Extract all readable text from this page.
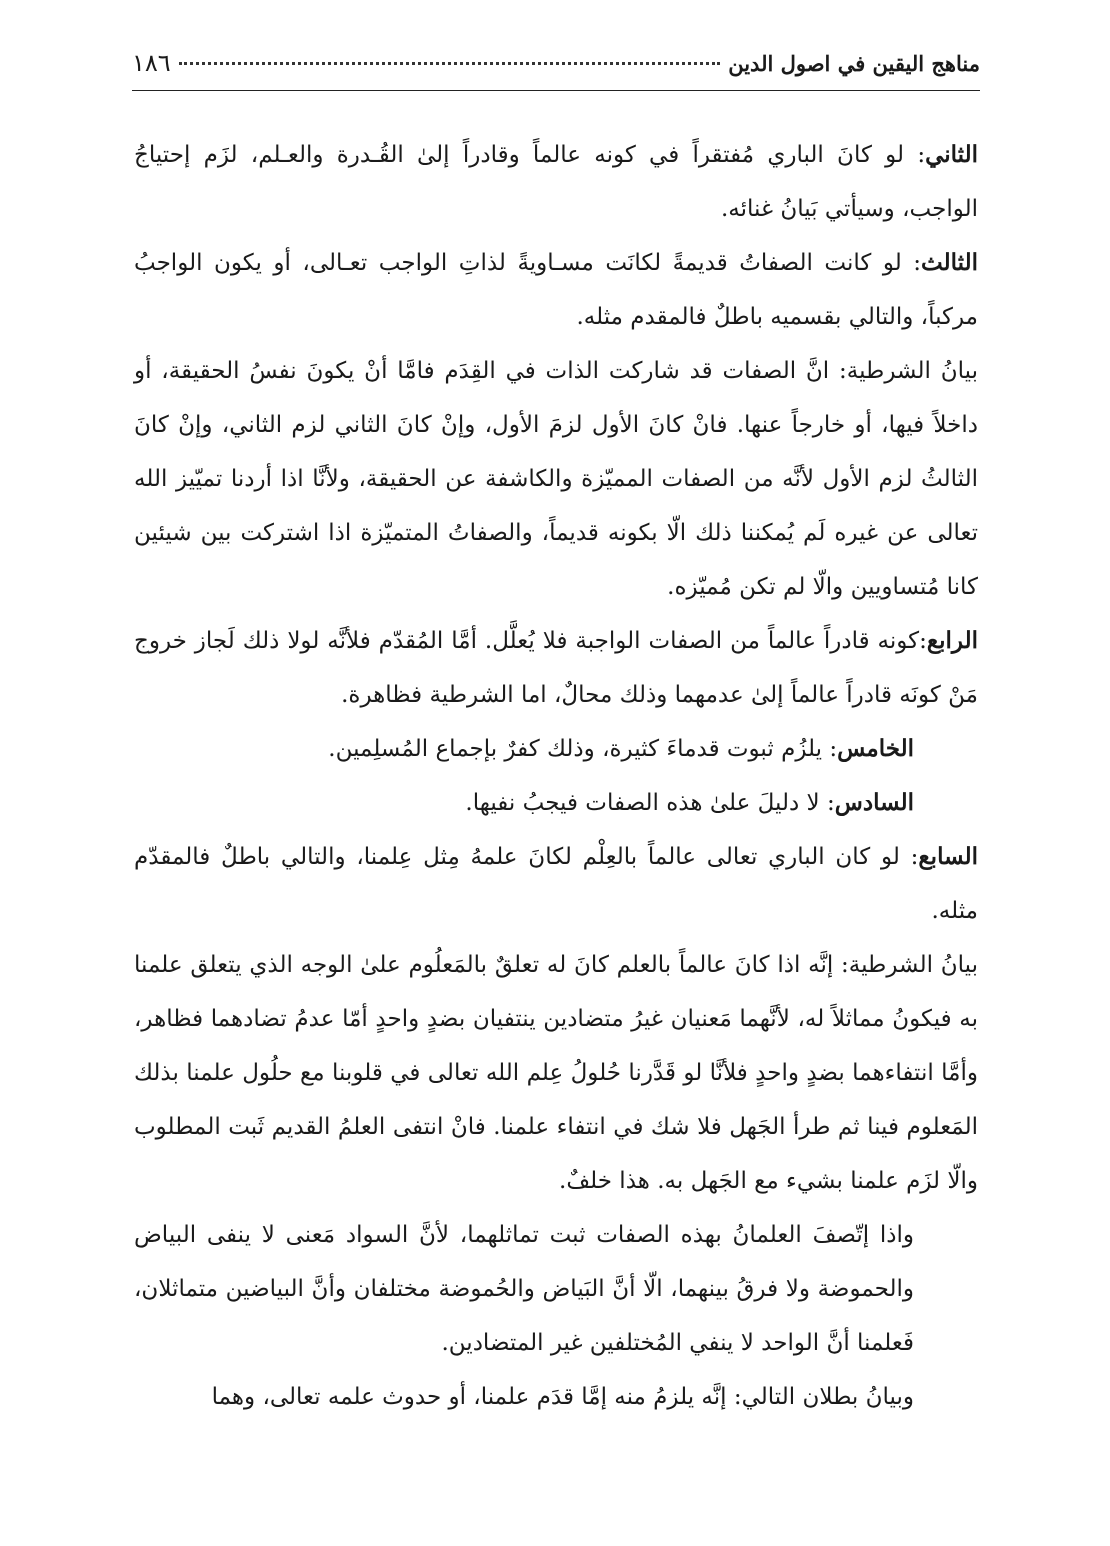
مناهج اليقين في اصول الدين
١٨٦

الثاني: لو كانَ الباري مُفتقراً في كونه عالماً وقادراً إلىٰ القُـدرة والعـلم، لزَم إحتياجُ الواجب، وسيأتي بَيانُ غنائه.

الثالث: لو كانت الصفاتُ قديمةً لكانَت مسـاويةً لذاتِ الواجب تعـالى، أو يكون الواجبُ مركباً، والتالي بقسميه باطلٌ فالمقدم مثله.

بيانُ الشرطية: انَّ الصفات قد شاركت الذات في القِدَم فامَّا أنْ يكونَ نفسُ الحقيقة، أو داخلاً فيها، أو خارجاً عنها. فانْ كانَ الأول لزمَ الأول، وإنْ كانَ الثاني لزم الثاني، وإنْ كانَ الثالثُ لزم الأول لأنَّه من الصفات المميّزة والكاشفة عن الحقيقة، ولأنَّا اذا أردنا تميّيز الله تعالى عن غيره لَم يُمكننا ذلك الّا بكونه قديماً، والصفاتُ المتميّزة اذا اشتركت بين شيئين كانا مُتساويين والّا لم تكن مُميّزه.

الرابع:كونه قادراً عالماً من الصفات الواجبة فلا يُعلَّل. أمَّا المُقدّم فلأنَّه لولا ذلك لَجاز خروج مَنْ كونَه قادراً عالماً إلىٰ عدمهما وذلك محالٌ، اما الشرطية فظاهرة.

الخامس: يلزُم ثبوت قدماءَ كثيرة، وذلك كفرٌ بإجماع المُسلِمين.

السادس: لا دليلَ علىٰ هذه الصفات فيجبُ نفيها.

السابع: لو كان الباري تعالى عالماً بالعِلْم لكانَ علمهُ مِثل عِلمنا، والتالي باطلٌ فالمقدّم مثله.

بيانُ الشرطية: إنَّه اذا كانَ عالماً بالعلم كانَ له تعلقٌ بالمَعلُوم علىٰ الوجه الذي يتعلق علمنا به فيكونُ مماثلاً له، لأنَّهما مَعنيان غيرُ متضادين ينتفيان بضدٍ واحدٍ أمّا عدمُ تضادهما فظاهر، وأمَّا انتفاءهما بضدٍ واحدٍ فلأنَّا لو قَدَّرنا حُلولُ عِلم الله تعالى في قلوبنا مع حلُول علمنا بذلك المَعلوم فينا ثم طرأ الجَهل فلا شك في انتفاء علمنا. فانْ انتفى العلمُ القديم ثَبت المطلوب والّا لزَم علمنا بشيء مع الجَهل به. هذا خلفٌ.

واذا إتّصفَ العلمانُ بهذه الصفات ثبت تماثلهما، لأنَّ السواد مَعنى لا ينفى البياض والحموضة ولا فرقُ بينهما، الّا أنَّ البَياض والحُموضة مختلفان وأنَّ البياضين متماثلان، فَعلمنا أنَّ الواحد لا ينفي المُختلفين غير المتضادين.

وبيانُ بطلان التالي: إنَّه يلزمُ منه إمَّا قدَم علمنا، أو حدوث علمه تعالى، وهما
